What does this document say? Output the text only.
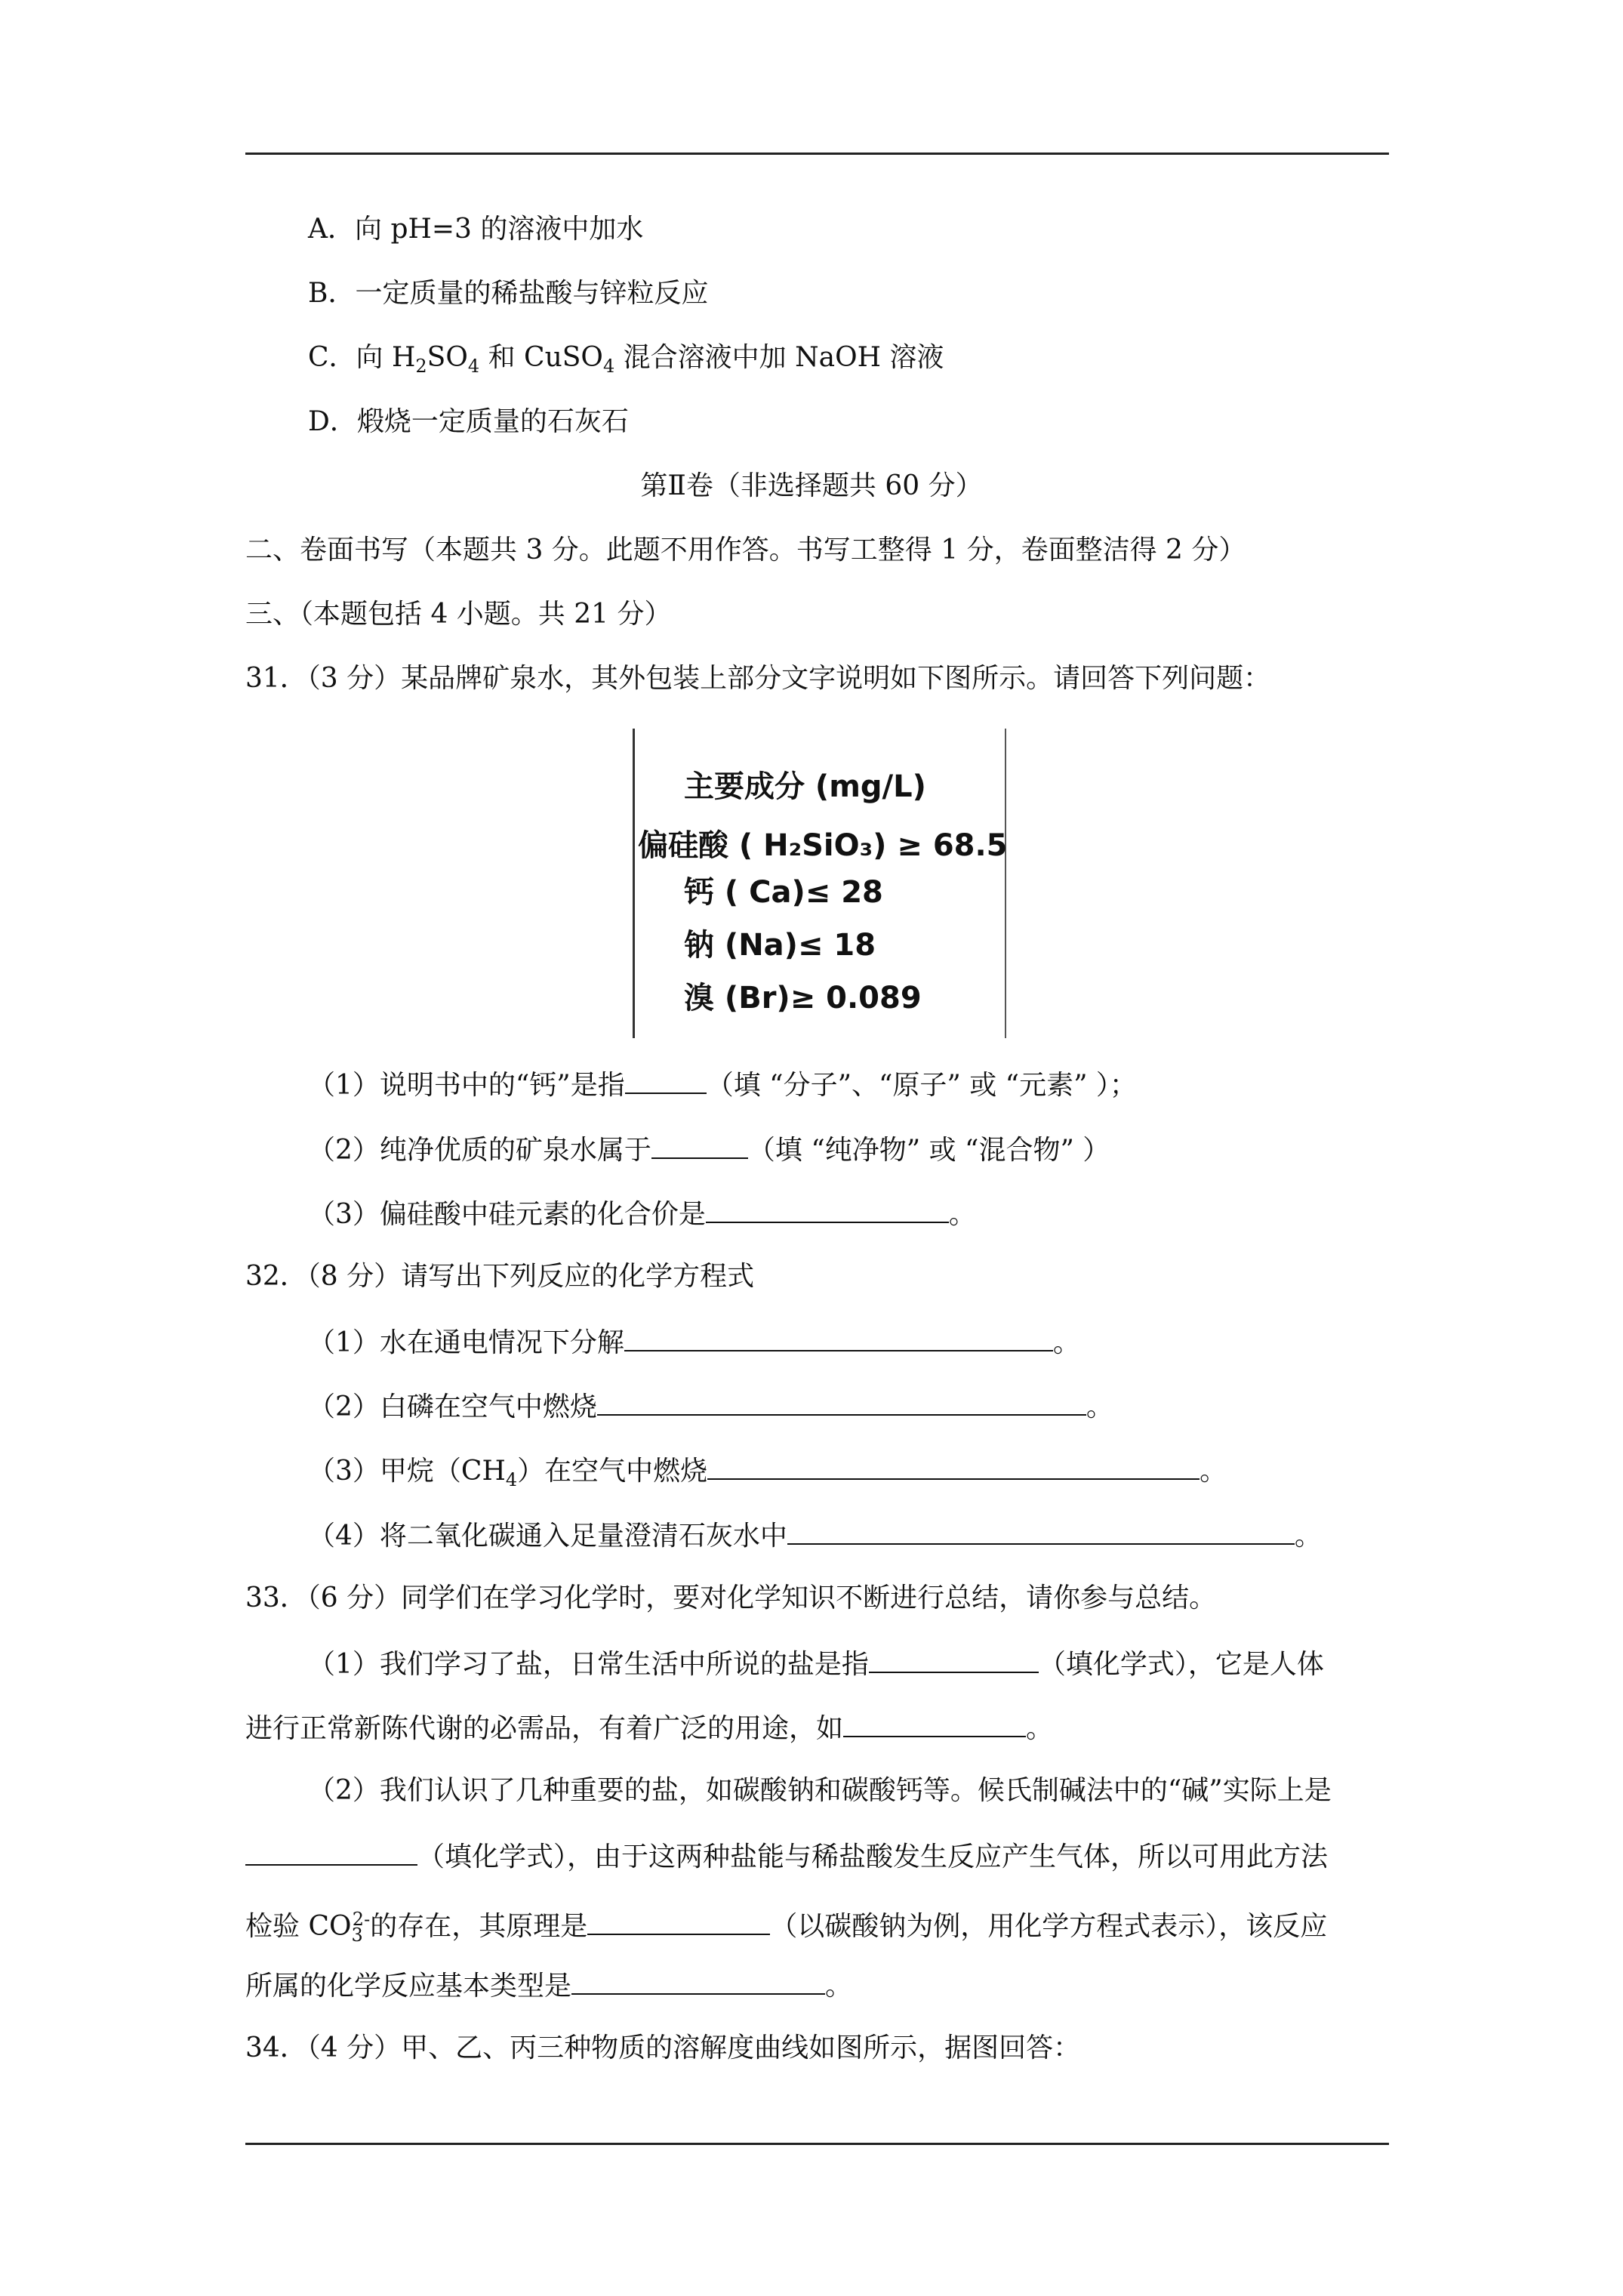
A．向 pH=3 的溶液中加水
B．一定质量的稀盐酸与锌粒反应
C．向 $H_2SO_4$ 和 CuSO$_4$ 混合溶液中加 NaOH 溶液
D．煅烧一定质量的石灰石
第Ⅱ卷（非选择题共 60 分）
二、卷面书写（本题共 3 分。此题不用作答。书写工整得 1 分，卷面整洁得 2 分）
三、（本题包括 4 小题。共 21 分）
31．（3 分）某品牌矿泉水，其外包装上部分文字说明如下图所示。请回答下列问题：
主要成分 (mg/L)
偏硅酸 ( H₂SiO₃) ≥ 68.5
钙 ( Ca)≤ 28
钠 (Na)≤ 18
溴 (Br)≥ 0.089
（1）说明书中的“钙”是指	（填 “分子”、“原子” 或 “元素” ）；
（2）纯净优质的矿泉水属于	（填 “纯净物” 或 “混合物” ）
（3）偏硅酸中硅元素的化合价是	。
32．（8 分）请写出下列反应的化学方程式
（1）水在通电情况下分解	。
（2）白磷在空气中燃烧	。
（3）甲烷$(CH_4)$在空气中燃烧	。
（4）将二氧化碳通入足量澄清石灰水中	。
33．（6 分）同学们在学习化学时，要对化学知识不断进行总结，请你参与总结。
（1）我们学习了盐，日常生活中所说的盐是指	（填化学式），它是人体
进行正常新陈代谢的必需品，有着广泛的用途，如	。
（2）我们认识了几种重要的盐，如碳酸钠和碳酸钙等。候氏制碱法中的“碱”实际上是
（填化学式），由于这两种盐能与稀盐酸发生反应产生气体，所以可用此方法
检验 $CO_3^{2-}$的存在，其原理是	（以碳酸钠为例，用化学方程式表示），该反应
所属的化学反应基本类型是	。
34．（4 分）甲、乙、丙三种物质的溶解度曲线如图所示，据图回答：
